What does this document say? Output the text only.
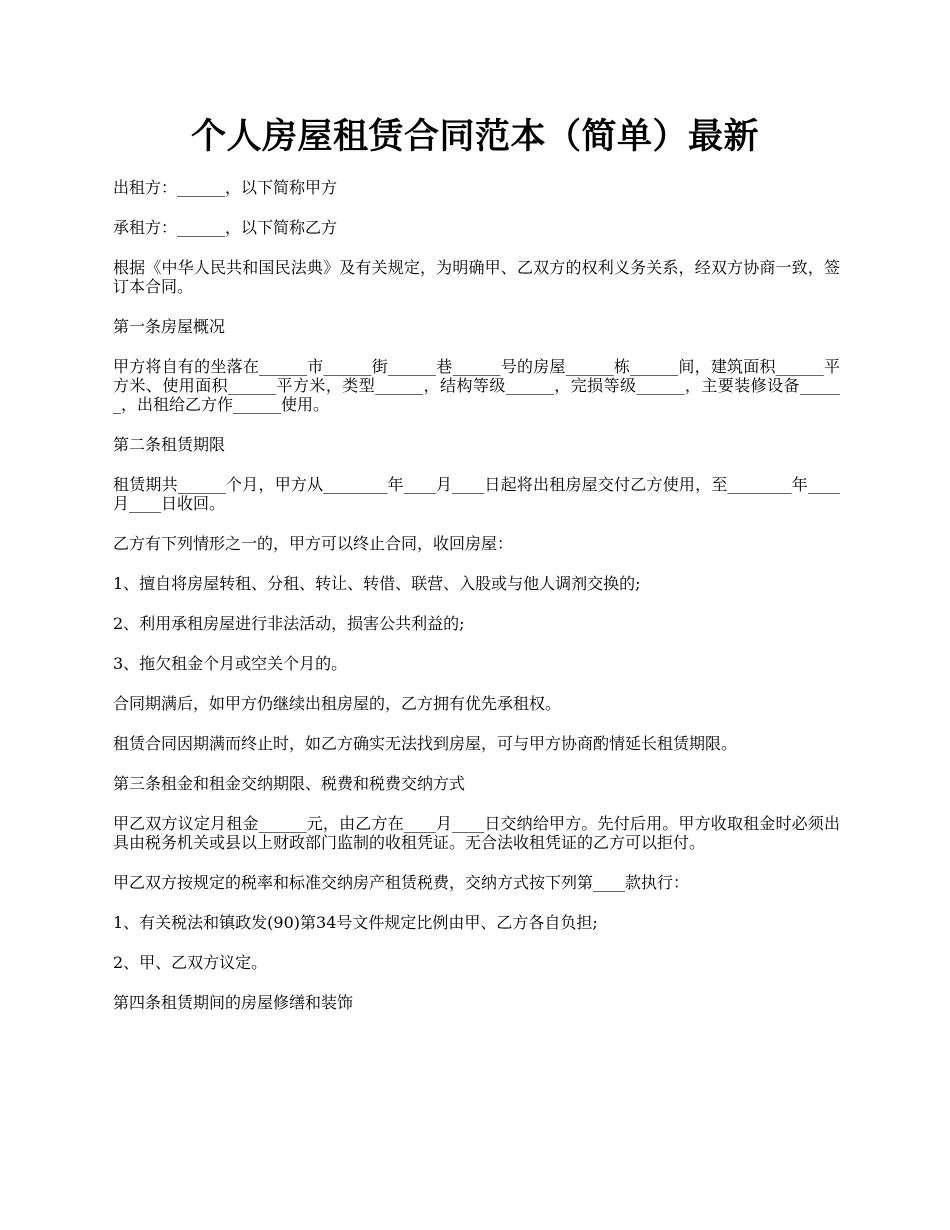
个人房屋租赁合同范本（简单）最新

出租方：______，以下简称甲方

承租方：______，以下简称乙方

根据《中华人民共和国民法典》及有关规定，为明确甲、乙双方的权利义务关系，经双方协商一致，签订本合同。

第一条房屋概况

甲方将自有的坐落在______市______街______巷______号的房屋______栋______间，建筑面积______平方米、使用面积______平方米，类型______，结构等级______，完损等级______，主要装修设备______，出租给乙方作______使用。

第二条租赁期限

租赁期共______个月，甲方从________年____月____日起将出租房屋交付乙方使用，至________年____月____日收回。

乙方有下列情形之一的，甲方可以终止合同，收回房屋：

1、擅自将房屋转租、分租、转让、转借、联营、入股或与他人调剂交换的;

2、利用承租房屋进行非法活动，损害公共利益的;

3、拖欠租金个月或空关个月的。

合同期满后，如甲方仍继续出租房屋的，乙方拥有优先承租权。

租赁合同因期满而终止时，如乙方确实无法找到房屋，可与甲方协商酌情延长租赁期限。

第三条租金和租金交纳期限、税费和税费交纳方式

甲乙双方议定月租金______元，由乙方在____月____日交纳给甲方。先付后用。甲方收取租金时必须出具由税务机关或县以上财政部门监制的收租凭证。无合法收租凭证的乙方可以拒付。

甲乙双方按规定的税率和标准交纳房产租赁税费，交纳方式按下列第____款执行：

1、有关税法和镇政发(90)第34号文件规定比例由甲、乙方各自负担;

2、甲、乙双方议定。

第四条租赁期间的房屋修缮和装饰
